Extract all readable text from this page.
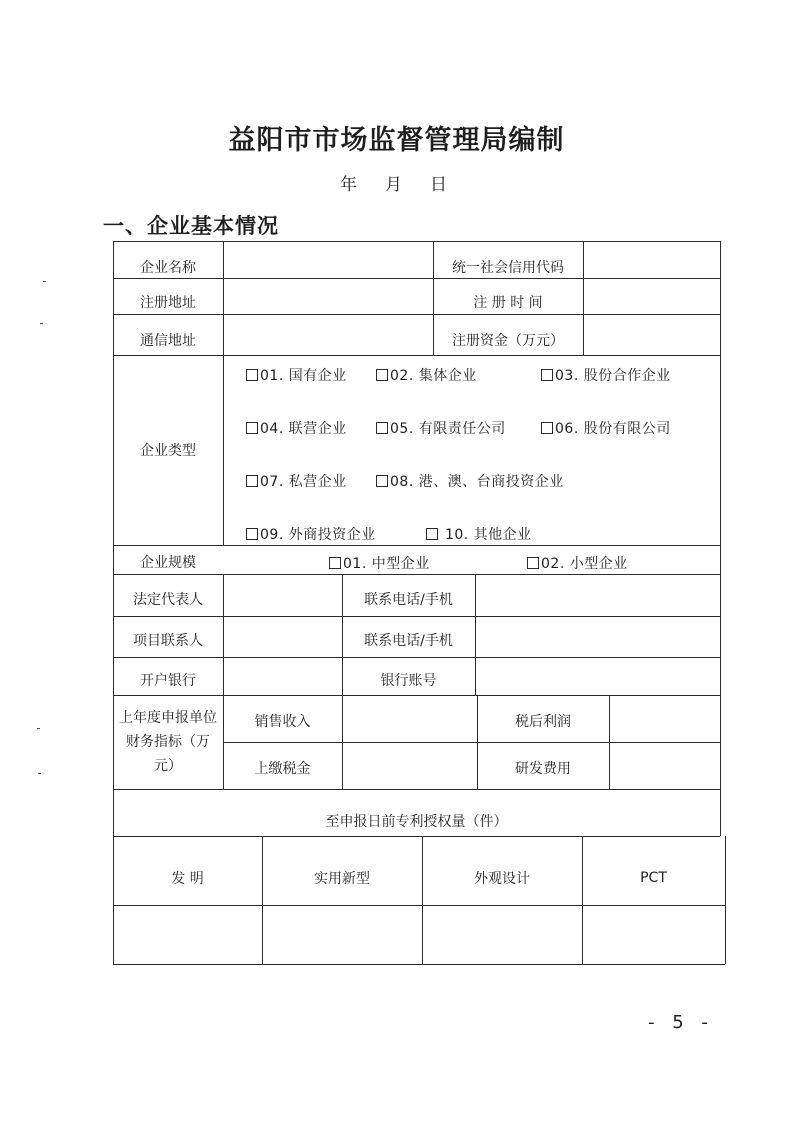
益阳市市场监督管理局编制
年 月 日
一、企业基本情况
企业名称	统一社会信用代码
注册地址	注 册 时 间
通信地址	注册资金（万元）
企业类型
01. 国有企业	02. 集体企业	03. 股份合作企业
04. 联营企业	05. 有限责任公司	06. 股份有限公司
07. 私营企业	08. 港、澳、台商投资企业
09. 外商投资企业	10. 其他企业
企业规模	01. 中型企业	02. 小型企业
法定代表人	联系电话/手机
项目联系人	联系电话/手机
开户银行	银行账号
上年度申报单位财务指标（万元）
销售收入	税后利润
上缴税金	研发费用
至申报日前专利授权量（件）
发 明	实用新型	外观设计	PCT
- 5 -
